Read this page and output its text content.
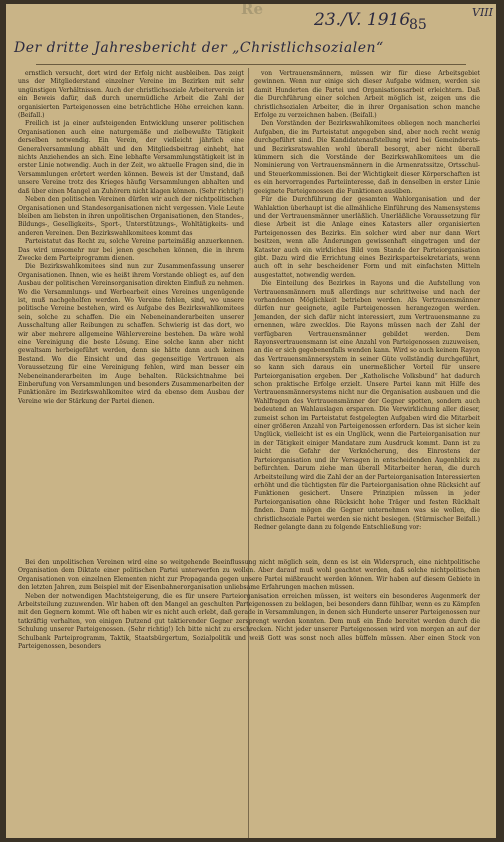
Re
23./V. 1916
85
VIII
Der dritte Jahresbericht der „Christlichsozialen“

ernstlich versucht, dort wird der Erfolg nicht ausbleiben. Das zeigt uns der Mitgliederstand einzelner Vereine im Bezirken mit sehr ungünstigen Verhältnissen. Auch der christlichsoziale Arbeiterverein ist ein Beweis dafür, daß durch unermüdliche Arbeit die Zahl der organisierten Parteigenossen eine beträchtliche Höhe erreichen kann. (Beifall.)

Freilich ist ja einer aufsteigenden Entwicklung unserer politischen Organisationen auch eine naturgemäße und zielbewußte Tätigkeit derselben notwendig. Ein Verein, der vielleicht jährlich eine Generalversammlung abhält und den Mitgliedsbeitrag einhebt, hat nichts Anziehendes an sich. Eine lebhafte Versammlungstätigkeit ist in erster Linie notwendig. Auch in der Zeit, wo aktuelle Fragen sind, die in Versammlungen erörtert werden können. Beweis ist der Umstand, daß unsere Vereine trotz des Krieges häufig Versammlungen abhalten und daß über einen Mangel an Zuhörern nicht klagen können. (Sehr richtig!)

Neben den politischen Vereinen dürfen wir auch der nichtpolitischen Organisationen und Standesorganisationen nicht vergessen. Viele Leute bleiben am liebsten in ihren unpolitischen Organisationen, den Standes-, Bildungs-, Geselligkeits-, Sport-, Unterstützungs-, Wohltätigkeits- und anderen Vereinen. Den Bezirkswahlkomitees kommt das

Parteistatut das Recht zu, solche Vereine parteimäßig anzuerkennen. Das wird umsomehr nur bei jenen geschehen können, die in ihrem Zwecke dem Parteiprogramm dienen.

Die Bezirkswahlkomitees sind nun zur Zusammenfassung unserer Organisationen. Ihnen, wie es heißt ihrem Vorstande obliegt es, auf den Ausbau der politischen Vereinsorganisation direkten Einfluß zu nehmen. Wo die Versammlungs- und Werbearbeit eines Vereines ungenügende ist, muß nachgeholfen werden. Wo Vereine fehlen, sind, wo unsere politische Vereine bestehen, wird es Aufgabe des Bezirkswahlkomitees sein, solche zu schaffen. Die ein Nebeneinanderarbeiten unserer Ausschaltung aller Reibungen zu schaffen. Schwierig ist das dort, wo wir aber mehrere allgemeine Wählervereine bestehen. Da wäre wohl eine Vereinigung die beste Lösung. Eine solche kann aber nicht gewaltsam herbeigeführt werden, denn sie hätte dann auch keinen Bestand. Wo die Einsicht und das gegenseitige Vertrauen als Voraussetzung für eine Vereinigung fehlen, wird man besser ein Nebeneinanderarbeiten im Auge behalten. Rücksichtnahme bei Einberufung von Versammlungen und besonders Zusammenarbeiten der Funktionäre im Bezirkswahlkomitee wird da ebenso dem Ausbau der Vereine wie der Stärkung der Partei dienen.

von Vertrauensmännern, müssen wir für diese Arbeitsgebiet gewinnen. Wenn nur einige sich dieser Aufgabe widmen, werden sie damit Hunderten die Partei und Organisationsarbeit erleichtern. Daß die Durchführung einer solchen Arbeit möglich ist, zeigen uns die christlichsozialen Arbeiter, die in ihrer Organisation schon manche Erfolge zu verzeichnen haben. (Beifall.)

Den Vorständen der Bezirkswahlkomitees obliegen noch mancherlei Aufgaben, die im Parteistatut angegeben sind, aber noch recht wenig durchgeführt sind. Die Kandidatenaufstellung wird bei Gemeinderats- und Bezirksratswahlen wohl überall besorgt, aber nicht überall kümmern sich die Vorstände der Bezirkswahlkomitees um die Nominierung von Vertrauensmännern in die Armenratssitze, Ortsschul- und Steuerkommissionen. Bei der Wichtigkeit dieser Körperschaften ist es ein hervorragendes Parteiinteresse, daß in denselben in erster Linie geeignete Parteigenossen die Funktionen ausüben.

Für die Durchführung der gesamten Wahlorganisation und der Wahlaktion überhaupt ist die allmähliche Einführung des Namensystems und der Vertrauensmänner unerläßlich. Unerläßliche Voraussetzung für diese Arbeit ist die Anlage eines Katasters aller organisierten Parteigenossen des Bezirks. Ein solcher wird aber nur dann Wert besitzen, wenn alle Änderungen gewissenhaft eingetragen und der Kataster auch ein wirkliches Bild vom Stande der Parteiorganisation gibt. Dazu wird die Errichtung eines Bezirksparteisekretariats, wenn auch oft in sehr bescheidener Form und mit einfachsten Mitteln ausgestattet, notwendig werden.

Die Einteilung des Bezirkes in Rayons und die Aufstellung von Vertrauensmännern muß allerdings nur schrittweise und nach der vorhandenen Möglichkeit betrieben werden. Als Vertrauensmänner dürfen nur geeignete, agile Parteigenossen herangezogen werden. Jemanden, der sich dafür nicht interessiert, zum Vertrauensmanne zu ernennen, wäre zwecklos. Die Rayons müssen nach der Zahl der verfügbaren Vertrauensmänner gebildet werden. Dem Rayonsvertrauensmann ist eine Anzahl von Parteigenossen zuzuweisen, an die er sich gegebenenfalls wenden kann. Wird so auch keinem Rayon das Vertrauensmännersystem in seiner Güte vollständig durchgeführt, so kann sich daraus ein unermeßlicher Vorteil für unsere Parteiorganisation ergeben. Der „Katholische Volksbund“ hat dadurch schon praktische Erfolge erzielt. Unsere Partei kann mit Hilfe des Vertrauensmännersystems nicht nur die Organisation ausbauen und die Wahlfragen des Vertrauensmänner der Gegner spotten, sondern auch bedeutend an Wahlauslagen ersparen. Die Verwirklichung aller dieser, zumeist schon im Parteistatut festgelegten Aufgaben wird die Mitarbeit einer größeren Anzahl von Parteigenossen erfordern. Das ist sicher kein Unglück, vielleicht ist es ein Unglück, wenn die Parteiorganisation nur in der Tätigkeit einiger Mandatare zum Ausdruck kommt. Dann ist zu leicht die Gefahr der Verknöcherung, des Einrostens der Parteiorganisation und ihr Versagen in entscheidenden Augenblick zu befürchten. Darum ziehe man überall Mitarbeiter heran, die durch Arbeitsteilung wird die Zahl der an der Parteiorganisation Interessierten erhöht und die tüchtigsten für die Parteiorganisation ohne Rücksicht auf Funktionen gesichert. Unsere Prinzipien müssen in jeder Parteiorganisation ohne Rücksicht hohe Träger und festen Rückhalt finden. Dann mögen die Gegner unternehmen was sie wollen, die christlichsoziale Partei werden sie nicht besiegen. (Stürmischer Beifall.) Redner gelangte dann zu folgende Entschließung vor:

Bei den unpolitischen Vereinen wird eine so weitgehende Beeinflussung nicht möglich sein, denn es ist ein Widerspruch, eine nichtpolitische Organisation dem Diktate einer politischen Partei unterwerfen zu wollen. Aber darauf muß wohl geachtet werden, daß solche nichtpolitischen Organisationen von einzelnen Elementen nicht zur Propaganda gegen unsere Partei mißbraucht werden können. Wir haben auf diesem Gebiete in den letzten Jahren, zum Beispiel mit der Eisenbahnerorganisation unliebsame Erfahrungen machen müssen.

Neben der notwendigen Machtsteigerung, die es für unsere Parteiorganisation erreichen müssen, ist weiters ein besonderes Augenmerk der Arbeitsteilung zuzuwenden. Wir haben oft den Mangel an geschulten Parteigenossen zu beklagen, bei besonders dann fühlbar, wenn es zu Kämpfen mit den Gegnern kommt. Wie oft haben wir es nicht auch erlebt, daß gerade in Versammlungen, in denen sich Hunderte unserer Parteigenossen nur tatkräftig verhalten, von einigen Dutzend gut taktierender Gegner zersprengt werden konnten. Dem muß ein Ende bereitet werden durch die Schulung unserer Parteigenossen. (Sehr richtig!) Ich bitte nicht zu erschrecken. Nicht jeder unserer Parteigenossen wird von morgen an auf der Schulbank Parteiprogramm, Taktik, Staatsbürgertum, Sozialpolitik und weiß Gott was sonst noch alles büffeln müssen. Aber einen Stock von Parteigenossen, besonders
